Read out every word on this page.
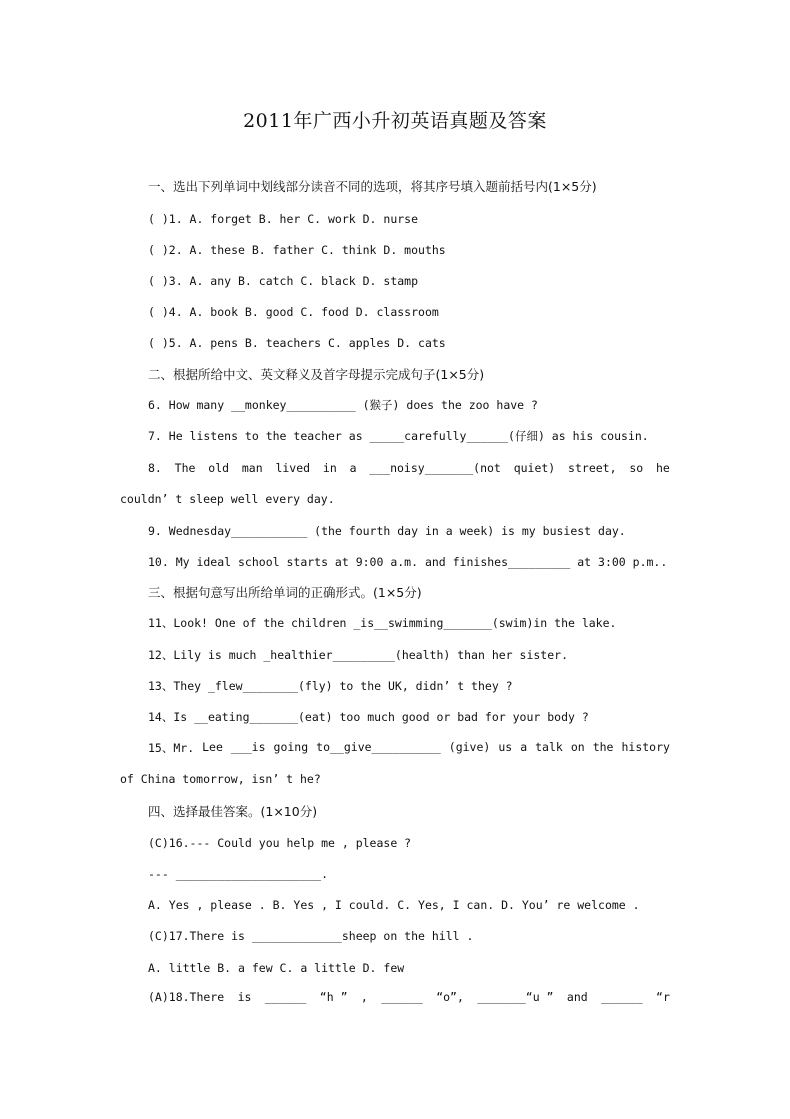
2011年广西小升初英语真题及答案
一、选出下列单词中划线部分读音不同的选项，将其序号填入题前括号内(1×5分)
( )1. A. forget B. her C. work D. nurse
( )2. A. these B. father C. think D. mouths
( )3. A. any B. catch C. black D. stamp
( )4. A. book B. good C. food D. classroom
( )5. A. pens B. teachers C. apples D. cats
二、根据所给中文、英文释义及首字母提示完成句子(1×5分)
6. How many __monkey__________ (猴子) does the zoo have ?
7. He listens to the teacher as _____carefully______(仔细) as his cousin.
8. The old man lived in a ___noisy_______(not quiet) street, so he
couldn’ t sleep well every day.
9. Wednesday___________ (the fourth day in a week) is my busiest day.
10. My ideal school starts at 9:00 a.m. and finishes_________ at 3:00 p.m..
三、根据句意写出所给单词的正确形式。(1×5分)
11、Look! One of the children _is__swimming_______(swim)in the lake.
12、Lily is much _healthier_________(health) than her sister.
13、They _flew________(fly) to the UK, didn’ t they ?
14、Is __eating_______(eat) too much good or bad for your body ?
15、Mr. Lee ___is going to__give__________ (give) us a talk on the history
of China tomorrow, isn’ t he?
四、选择最佳答案。(1×10分)
(C)16.--- Could you help me , please ?
--- _____________________.
A. Yes , please . B. Yes , I could. C. Yes, I can. D. You’ re welcome .
(C)17.There is _____________sheep on the hill .
A. little B. a few C. a little D. few
(A)18.There is ______ “h ” , ______ “o”, _______“u ” and ______ “r
